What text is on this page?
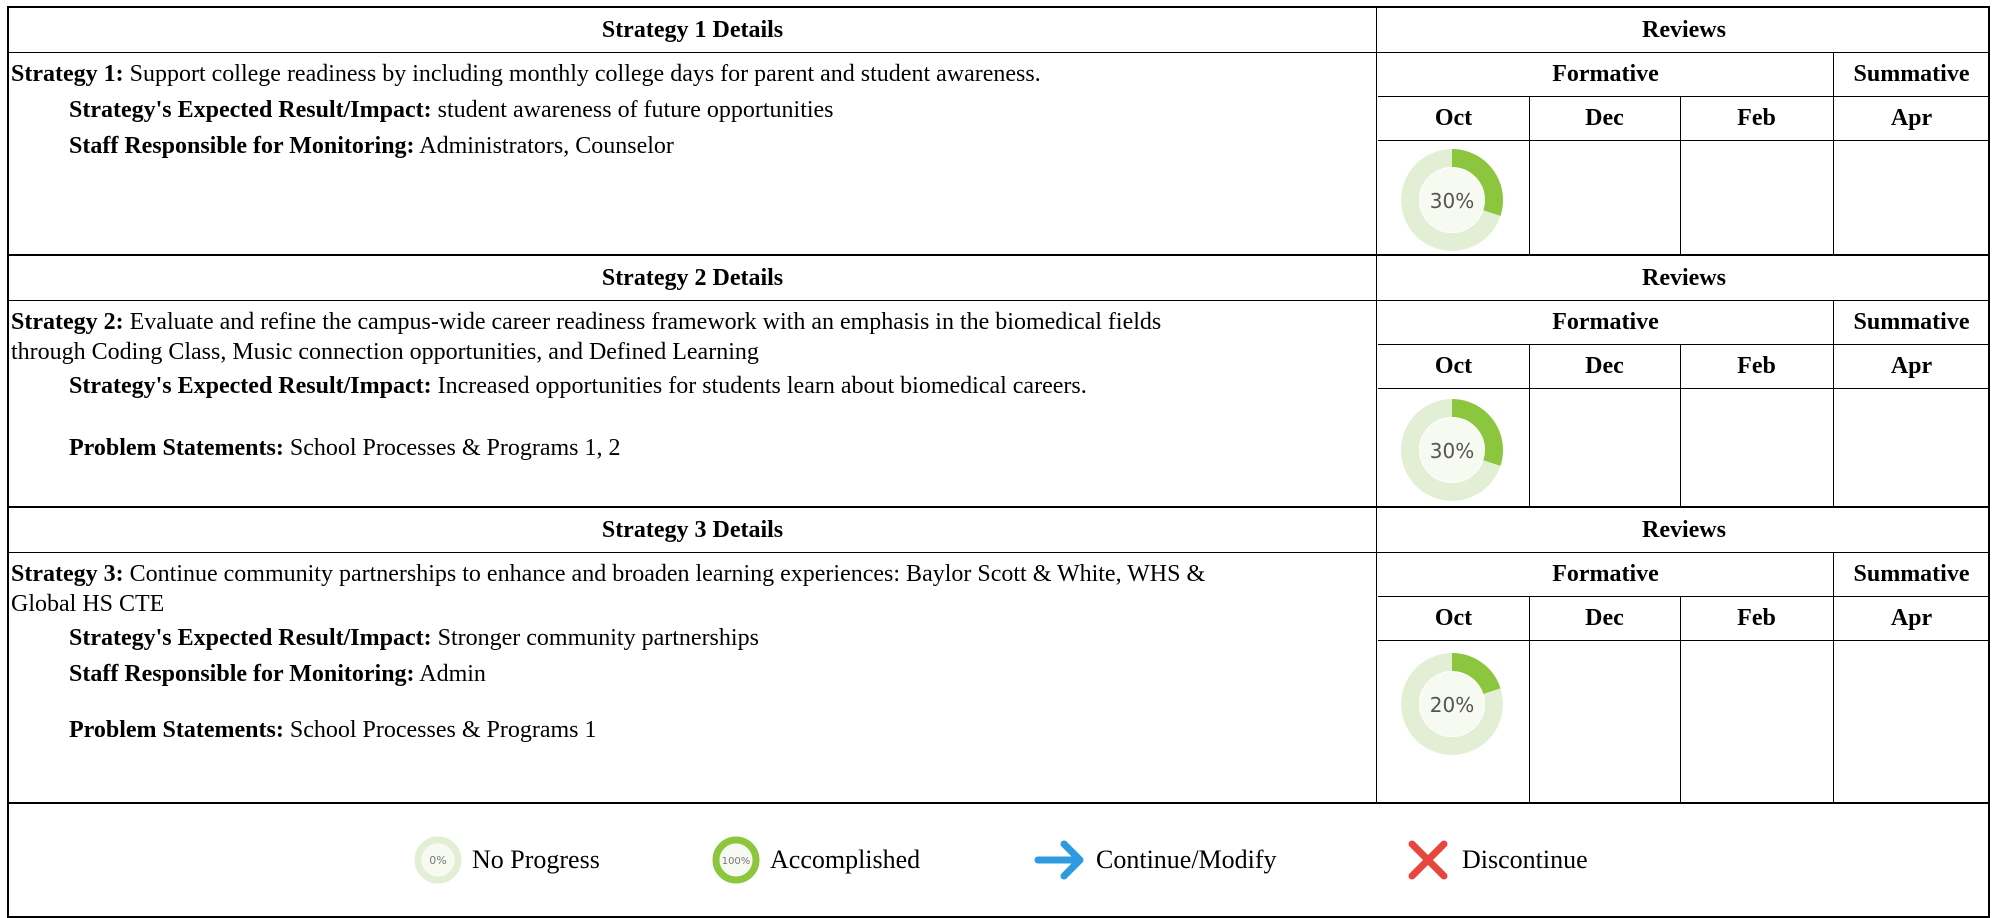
Strategy 1 Details	Reviews
Formative	Summative
Oct	Dec	Feb	Apr
30%
Strategy 1: Support college readiness by including monthly college days for parent and student awareness.
Strategy's Expected Result/Impact: student awareness of future opportunities
Staff Responsible for Monitoring: Administrators, Counselor
Strategy 2 Details	Reviews
Formative	Summative
Oct	Dec	Feb	Apr
30%
Strategy 2: Evaluate and refine the campus-wide career readiness framework with an emphasis in the biomedical fields
through Coding Class, Music connection opportunities, and Defined Learning
Strategy's Expected Result/Impact: Increased opportunities for students learn about biomedical careers.
Problem Statements: School Processes & Programs 1, 2
Strategy 3 Details	Reviews
Formative	Summative
Oct	Dec	Feb	Apr
20%
Strategy 3: Continue community partnerships to enhance and broaden learning experiences: Baylor Scott & White, WHS &
Global HS CTE
Strategy's Expected Result/Impact: Stronger community partnerships
Staff Responsible for Monitoring: Admin
Problem Statements: School Processes & Programs 1
0% No Progress	100% Accomplished	Continue/Modify	Discontinue
